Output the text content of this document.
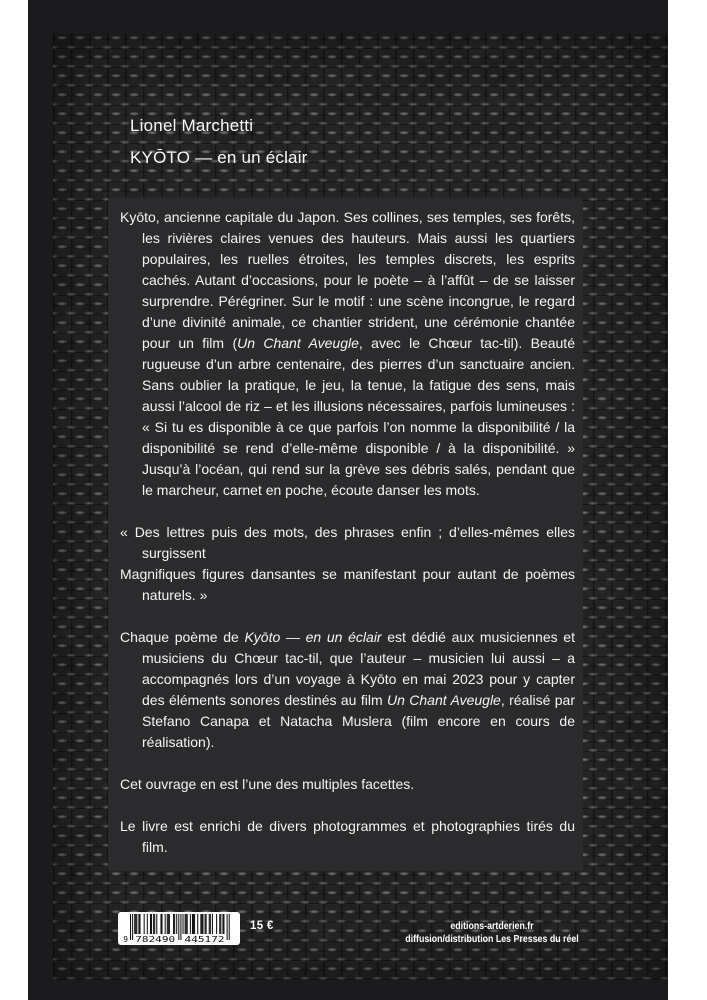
Lionel Marchetti
KYŌTO — en un éclair

Kyōto, ancienne capitale du Japon. Ses collines, ses temples, ses forêts, les rivières claires venues des hauteurs. Mais aussi les quartiers populaires, les ruelles étroites, les temples discrets, les esprits cachés. Autant d’occasions, pour le poète – à l’affût – de se laisser surprendre. Pérégriner. Sur le motif : une scène incongrue, le regard d’une divinité animale, ce chantier strident, une cérémonie chantée pour un film (Un Chant Aveugle, avec le Chœur tac-til). Beauté rugueuse d’un arbre centenaire, des pierres d’un sanctuaire ancien. Sans oublier la pratique, le jeu, la tenue, la fatigue des sens, mais aussi l’alcool de riz – et les illusions nécessaires, parfois lumineuses : « Si tu es disponible à ce que parfois l’on nomme la disponibilité / la disponibilité se rend d’elle-même disponible / à la disponibilité. » Jusqu’à l’océan, qui rend sur la grève ses débris salés, pendant que le marcheur, carnet en poche, écoute danser les mots.

« Des lettres puis des mots, des phrases enfin ; d’elles-mêmes elles surgissent

Magnifiques figures dansantes se manifestant pour autant de poèmes naturels. »

Chaque poème de Kyōto — en un éclair est dédié aux musiciennes et musiciens du Chœur tac-til, que l’auteur – musicien lui aussi – a accompagnés lors d’un voyage à Kyōto en mai 2023 pour y capter des éléments sonores destinés au film Un Chant Aveugle, réalisé par Stefano Canapa et Natacha Muslera (film encore en cours de réalisation).

Cet ouvrage en est l’une des multiples facettes.

Le livre est enrichi de divers photogrammes et photographies tirés du film.

9 782490 445172
15 €	editions-artderien.fr
diffusion/distribution Les Presses du réel
